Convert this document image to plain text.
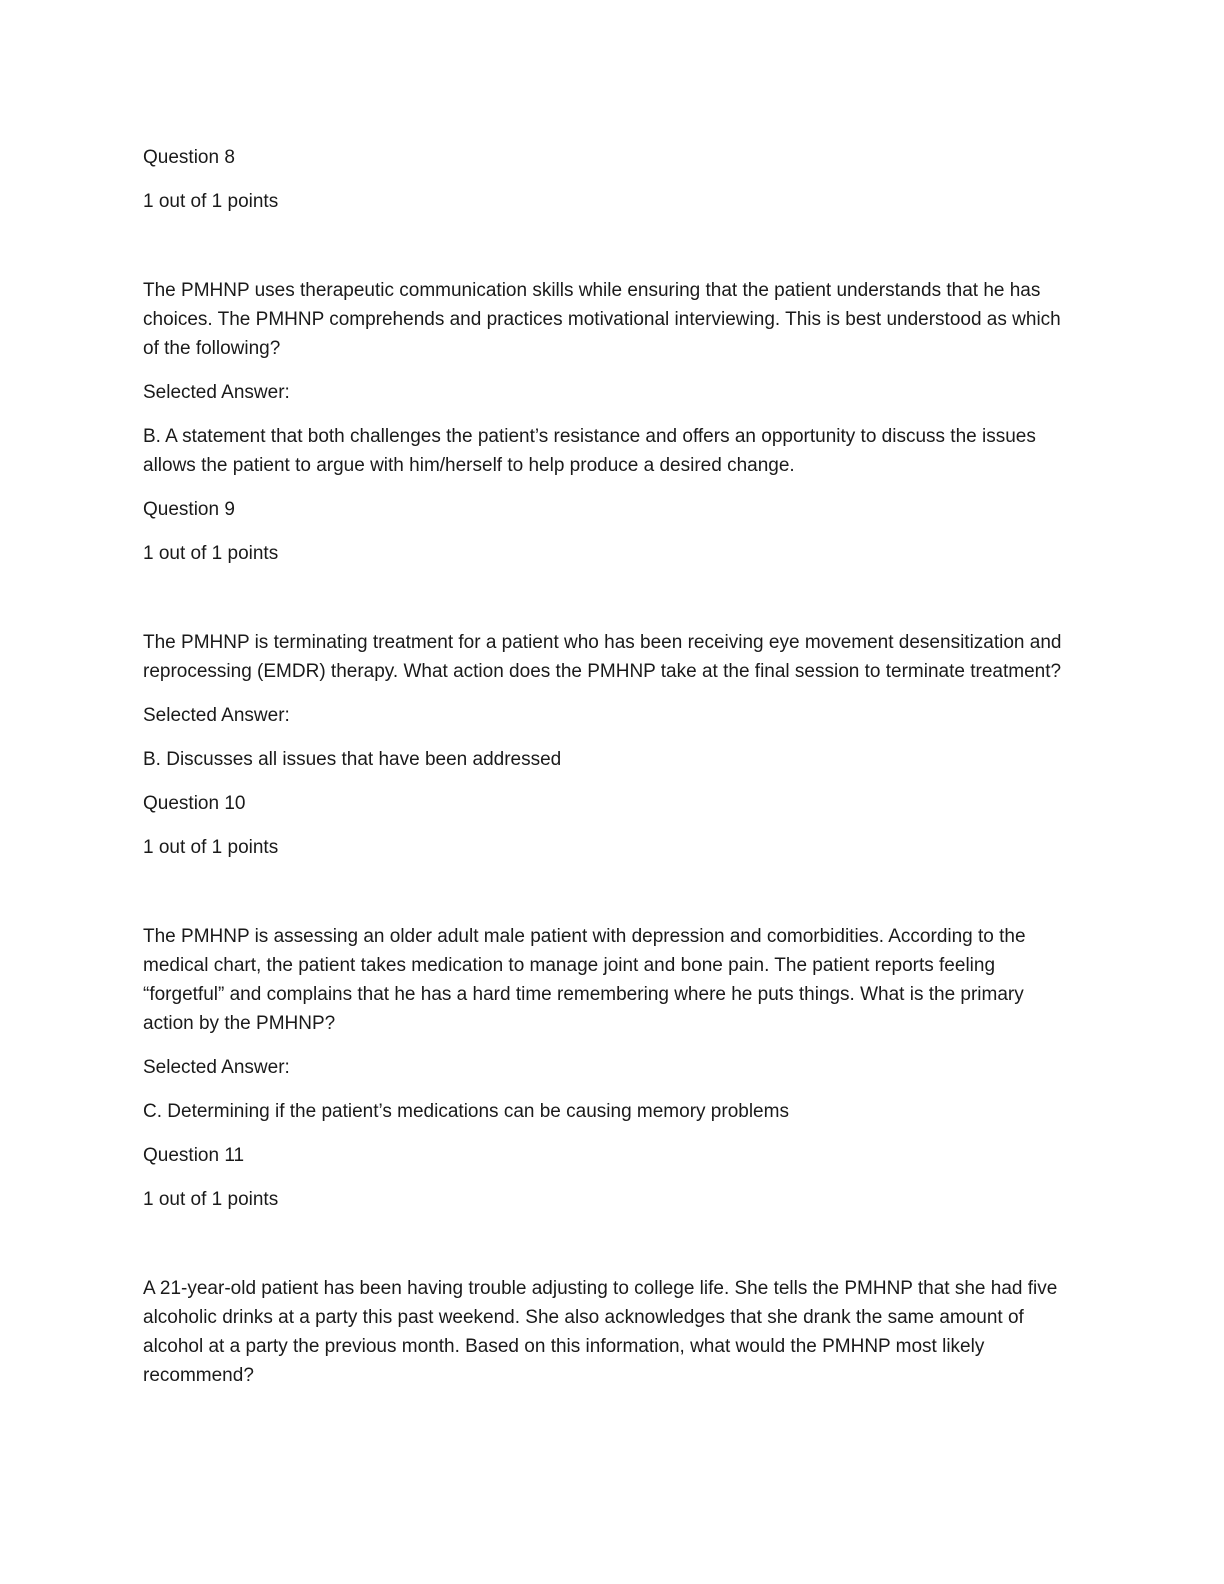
Question 8

1 out of 1 points

The PMHNP uses therapeutic communication skills while ensuring that the patient understands that he has choices. The PMHNP comprehends and practices motivational interviewing. This is best understood as which of the following?

Selected Answer:

B. A statement that both challenges the patient’s resistance and offers an opportunity to discuss the issues allows the patient to argue with him/herself to help produce a desired change.

Question 9

1 out of 1 points

The PMHNP is terminating treatment for a patient who has been receiving eye movement desensitization and reprocessing (EMDR) therapy. What action does the PMHNP take at the final session to terminate treatment?

Selected Answer:

B. Discusses all issues that have been addressed

Question 10

1 out of 1 points

The PMHNP is assessing an older adult male patient with depression and comorbidities. According to the medical chart, the patient takes medication to manage joint and bone pain. The patient reports feeling “forgetful” and complains that he has a hard time remembering where he puts things. What is the primary action by the PMHNP?

Selected Answer:

C. Determining if the patient’s medications can be causing memory problems

Question 11

1 out of 1 points

A 21-year-old patient has been having trouble adjusting to college life. She tells the PMHNP that she had five alcoholic drinks at a party this past weekend. She also acknowledges that she drank the same amount of alcohol at a party the previous month. Based on this information, what would the PMHNP most likely recommend?
